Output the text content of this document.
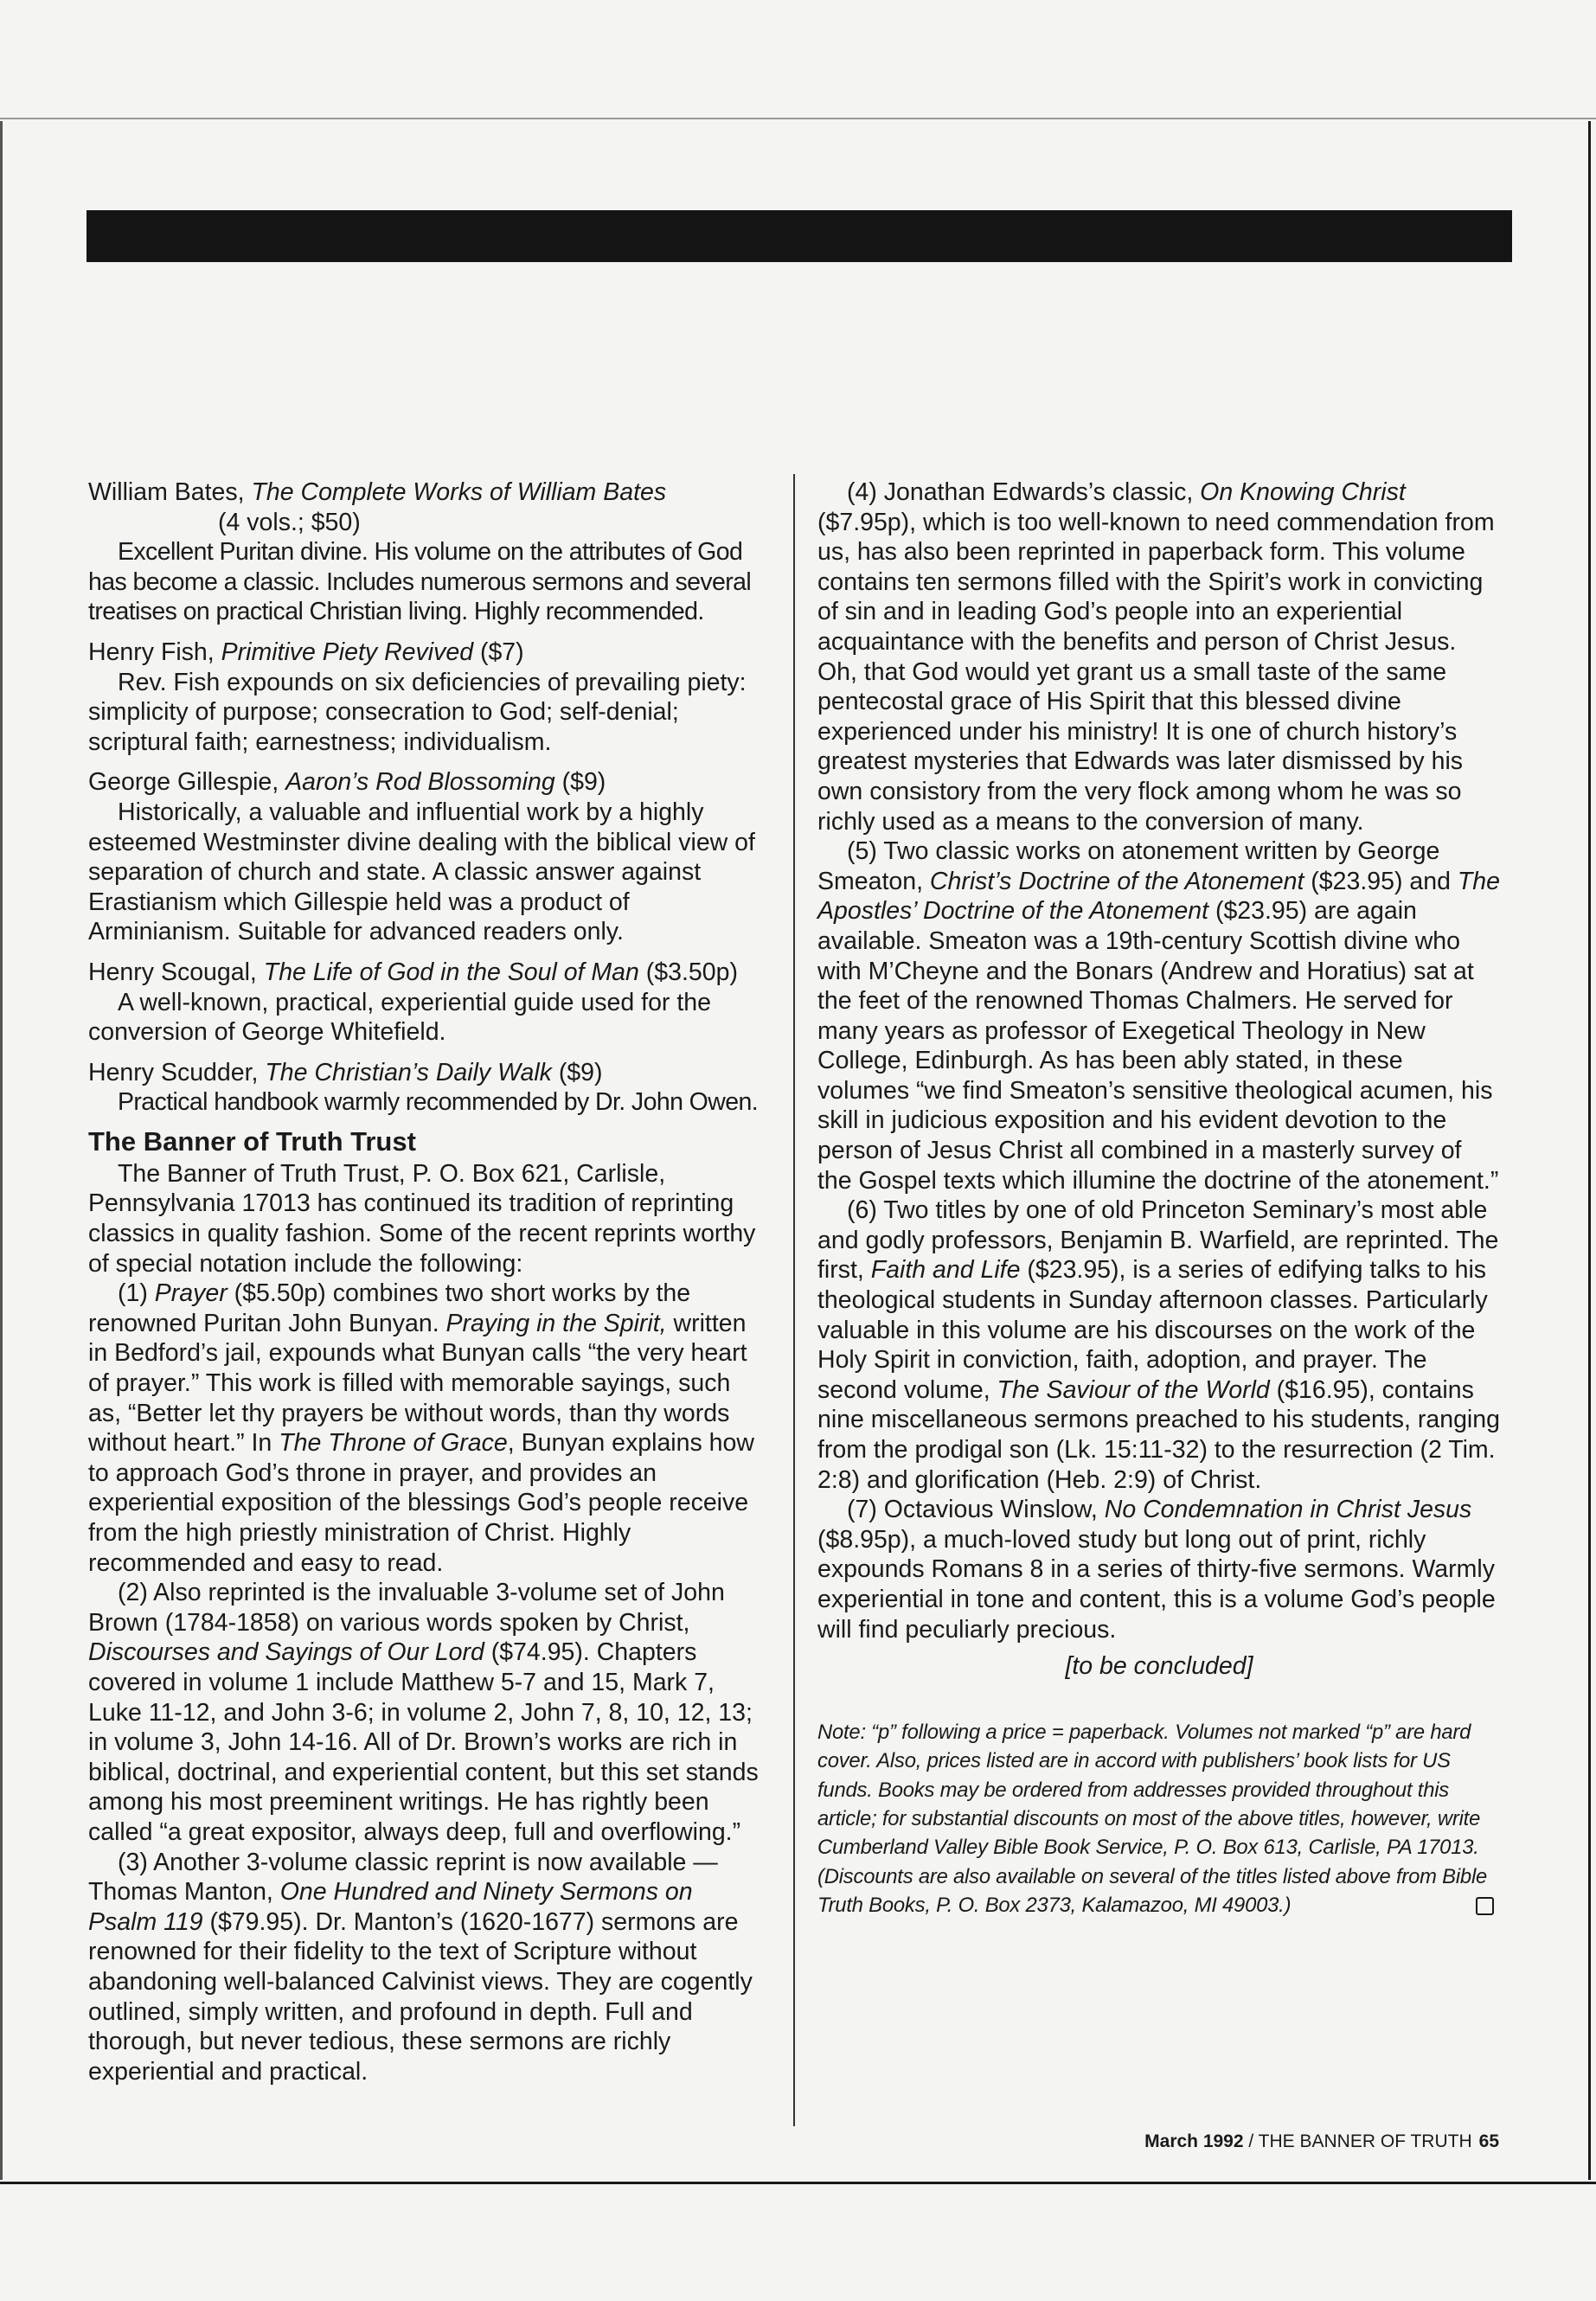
William Bates, The Complete Works of William Bates

(4 vols.; $50)

Excellent Puritan divine. His volume on the attributes of God has become a classic. Includes numerous sermons and several treatises on practical Christian living. Highly recommended.

Henry Fish, Primitive Piety Revived ($7)

Rev. Fish expounds on six deficiencies of prevailing piety: simplicity of purpose; consecration to God; self-denial; scriptural faith; earnestness; individualism.

George Gillespie, Aaron’s Rod Blossoming ($9)

Historically, a valuable and influential work by a highly esteemed Westminster divine dealing with the biblical view of separation of church and state. A classic answer against Erastianism which Gillespie held was a product of Arminianism. Suitable for advanced readers only.

Henry Scougal, The Life of God in the Soul of Man ($3.50p)

A well-known, practical, experiential guide used for the conversion of George Whitefield.

Henry Scudder, The Christian’s Daily Walk ($9)

Practical handbook warmly recommended by Dr. John Owen.

The Banner of Truth Trust

The Banner of Truth Trust, P. O. Box 621, Carlisle, Pennsylvania 17013 has continued its tradition of reprinting classics in quality fashion. Some of the recent reprints worthy of special notation include the following:

(1) Prayer ($5.50p) combines two short works by the renowned Puritan John Bunyan. Praying in the Spirit, written in Bedford’s jail, expounds what Bunyan calls “the very heart of prayer.” This work is filled with memorable sayings, such as, “Better let thy prayers be without words, than thy words without heart.” In The Throne of Grace, Bunyan explains how to approach God’s throne in prayer, and provides an experiential exposition of the blessings God’s people receive from the high priestly ministration of Christ. Highly recommended and easy to read.

(2) Also reprinted is the invaluable 3-volume set of John Brown (1784-1858) on various words spoken by Christ, Discourses and Sayings of Our Lord ($74.95). Chapters covered in volume 1 include Matthew 5-7 and 15, Mark 7, Luke 11-12, and John 3-6; in volume 2, John 7, 8, 10, 12, 13; in volume 3, John 14-16. All of Dr. Brown’s works are rich in biblical, doctrinal, and experiential content, but this set stands among his most preeminent writings. He has rightly been called “a great expositor, always deep, full and overflowing.”

(3) Another 3-volume classic reprint is now available — Thomas Manton, One Hundred and Ninety Sermons on Psalm 119 ($79.95). Dr. Manton’s (1620-1677) sermons are renowned for their fidelity to the text of Scripture without abandoning well-balanced Calvinist views. They are cogently outlined, simply written, and profound in depth. Full and thorough, but never tedious, these sermons are richly experiential and practical.

(4) Jonathan Edwards’s classic, On Knowing Christ ($7.95p), which is too well-known to need commendation from us, has also been reprinted in paperback form. This volume contains ten sermons filled with the Spirit’s work in convicting of sin and in leading God’s people into an experiential acquaintance with the benefits and person of Christ Jesus. Oh, that God would yet grant us a small taste of the same pentecostal grace of His Spirit that this blessed divine experienced under his ministry! It is one of church history’s greatest mysteries that Edwards was later dismissed by his own consistory from the very flock among whom he was so richly used as a means to the conversion of many.

(5) Two classic works on atonement written by George Smeaton, Christ’s Doctrine of the Atonement ($23.95) and The Apostles’ Doctrine of the Atonement ($23.95) are again available. Smeaton was a 19th-century Scottish divine who with M’Cheyne and the Bonars (Andrew and Horatius) sat at the feet of the renowned Thomas Chalmers. He served for many years as professor of Exegetical Theology in New College, Edinburgh. As has been ably stated, in these volumes “we find Smeaton’s sensitive theological acumen, his skill in judicious exposition and his evident devotion to the person of Jesus Christ all combined in a masterly survey of the Gospel texts which illumine the doctrine of the atonement.”

(6) Two titles by one of old Princeton Seminary’s most able and godly professors, Benjamin B. Warfield, are reprinted. The first, Faith and Life ($23.95), is a series of edifying talks to his theological students in Sunday afternoon classes. Particularly valuable in this volume are his discourses on the work of the Holy Spirit in conviction, faith, adoption, and prayer. The second volume, The Saviour of the World ($16.95), contains nine miscellaneous sermons preached to his students, ranging from the prodigal son (Lk. 15:11-32) to the resurrection (2 Tim. 2:8) and glorification (Heb. 2:9) of Christ.

(7) Octavious Winslow, No Condemnation in Christ Jesus ($8.95p), a much-loved study but long out of print, richly expounds Romans 8 in a series of thirty-five sermons. Warmly experiential in tone and content, this is a volume God’s people will find peculiarly precious.

[to be concluded]

Note: “p” following a price = paperback. Volumes not marked “p” are hard cover. Also, prices listed are in accord with publishers’ book lists for US funds. Books may be ordered from addresses provided throughout this article; for substantial discounts on most of the above titles, however, write Cumberland Valley Bible Book Service, P. O. Box 613, Carlisle, PA 17013. (Discounts are also available on several of the titles listed above from Bible Truth Books, P. O. Box 2373, Kalamazoo, MI 49003.)

March 1992 / THE BANNER OF TRUTH 65
